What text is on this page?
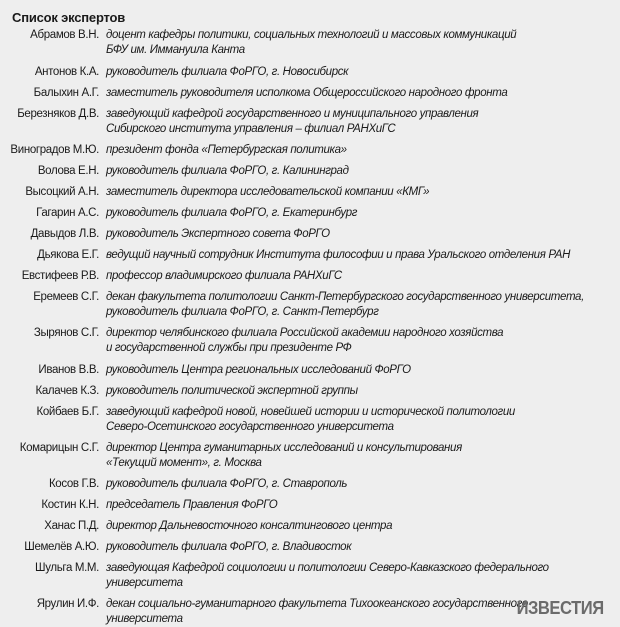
Список экспертов
Абрамов В.Н. доцент кафедры политики, социальных технологий и массовых коммуникаций
БФУ им. Иммануила Канта
Антонов К.А. руководитель филиала ФоРГО, г. Новосибирск
Балыхин А.Г. заместитель руководителя исполкома Общероссийского народного фронта
Березняков Д.В. заведующий кафедрой государственного и муниципального управления
Сибирского института управления – филиал РАНХиГС
Виноградов М.Ю. президент фонда «Петербургская политика»
Волова Е.Н. руководитель филиала ФоРГО, г. Калининград
Высоцкий А.Н. заместитель директора исследовательской компании «КМГ»
Гагарин А.С. руководитель филиала ФоРГО, г. Екатеринбург
Давыдов Л.В. руководитель Экспертного совета ФоРГО
Дьякова Е.Г. ведущий научный сотрудник Института философии и права Уральского отделения РАН
Евстифеев Р.В. профессор владимирского филиала РАНХиГС
Еремеев С.Г. декан факультета политологии Санкт-Петербургского государственного университета,
руководитель филиала ФоРГО, г. Санкт-Петербург
Зырянов С.Г. директор челябинского филиала Российской академии народного хозяйства
и государственной службы при президенте РФ
Иванов В.В. руководитель Центра региональных исследований ФоРГО
Калачев К.З. руководитель политической экспертной группы
Койбаев Б.Г. заведующий кафедрой новой, новейшей истории и исторической политологии
Северо-Осетинского государственного университета
Комарицын С.Г. директор Центра гуманитарных исследований и консультирования
«Текущий момент», г. Москва
Косов Г.В. руководитель филиала ФоРГО, г. Ставрополь
Костин К.Н. председатель Правления ФоРГО
Ханас П.Д. директор Дальневосточного консалтингового центра
Шемелёв А.Ю. руководитель филиала ФоРГО, г. Владивосток
Шульга М.М. заведующая Кафедрой социологии и политологии Северо-Кавказского федерального университета
Ярулин И.Ф. декан социально-гуманитарного факультета Тихоокеанского государственного университета
ИЗВЕСТИЯ
